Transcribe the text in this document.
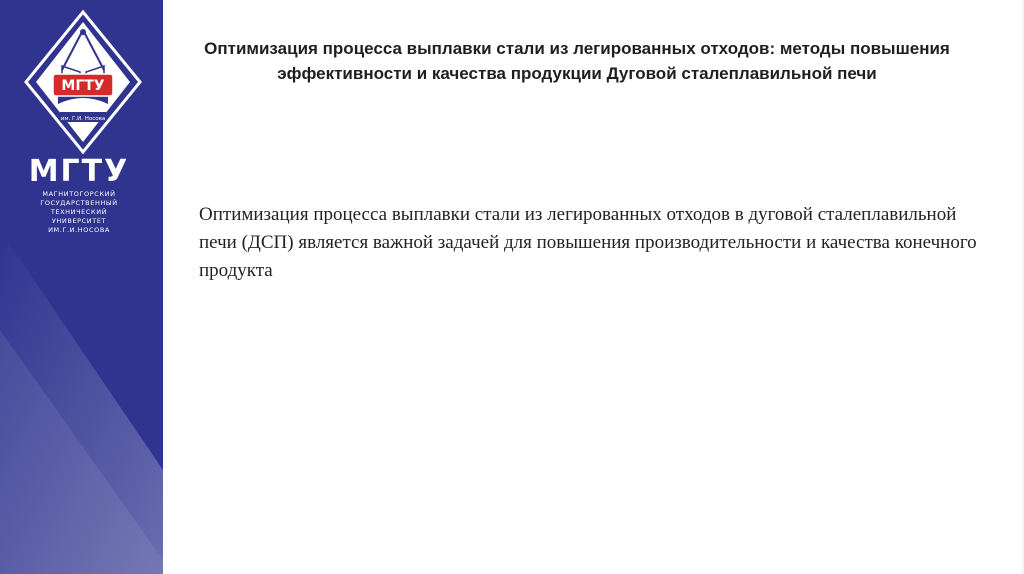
МГТУ
им. Г.И. Носова
МГТУ
МАГНИТОГОРСКИЙ
ГОСУДАРСТВЕННЫЙ
ТЕХНИЧЕСКИЙ
УНИВЕРСИТЕТ
ИМ.Г.И.НОСОВА
Оптимизация процесса выплавки стали из легированных отходов: методы повышения эффективности и качества продукции Дуговой сталеплавильной печи
Оптимизация процесса выплавки стали из легированных отходов в дуговой сталеплавильной печи (ДСП) является важной задачей для повышения производительности и качества конечного продукта
